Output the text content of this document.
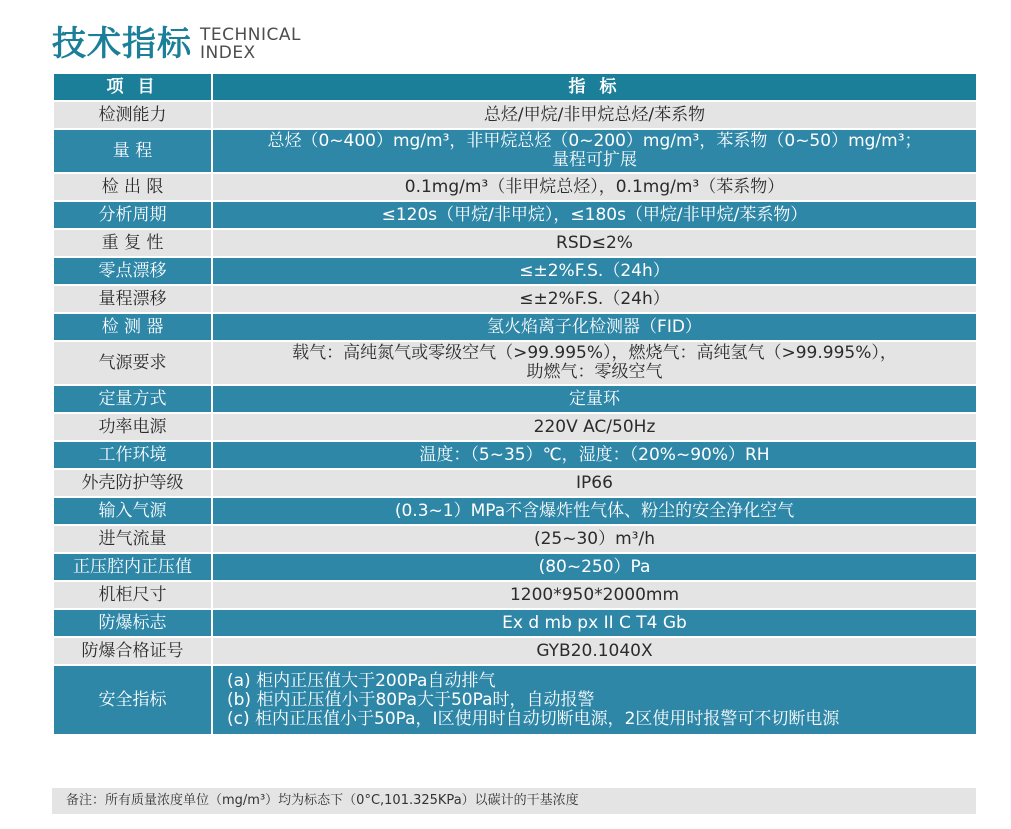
技术指标 TECHNICAL
INDEX
项 目	指 标
检测能力	总烃/甲烷/非甲烷总烃/苯系物
量 程	总烃（0~400）mg/m³，非甲烷总烃（0~200）mg/m³，苯系物（0~50）mg/m³；
量程可扩展

检 出 限	0.1mg/m³（非甲烷总烃），0.1mg/m³（苯系物）
分析周期	≤120s（甲烷/非甲烷），≤180s（甲烷/非甲烷/苯系物）
重 复 性	RSD≤2%
零点漂移	≤±2%F.S.（24h）
量程漂移	≤±2%F.S.（24h）
检 测 器	氢火焰离子化检测器（FID）
气源要求	载气：高纯氮气或零级空气（>99.995%），燃烧气：高纯氢气（>99.995%），
助燃气：零级空气

定量方式	定量环
功率电源	220V AC/50Hz
工作环境	温度：（5~35）℃，湿度：（20%~90%）RH
外壳防护等级	IP66
输入气源	(0.3~1）MPa不含爆炸性气体、粉尘的安全净化空气
进气流量	(25~30）m³/h
正压腔内正压值	(80~250）Pa
机柜尺寸	1200*950*2000mm
防爆标志	Ex d mb px II C T4 Gb
防爆合格证号	GYB20.1040X
安全指标	(a) 柜内正压值大于200Pa自动排气
(b) 柜内正压值小于80Pa大于50Pa时，自动报警
(c) 柜内正压值小于50Pa，I区使用时自动切断电源，2区使用时报警可不切断电源
备注：所有质量浓度单位（mg/m³）均为标态下（0°C,101.325KPa）以碳计的干基浓度
